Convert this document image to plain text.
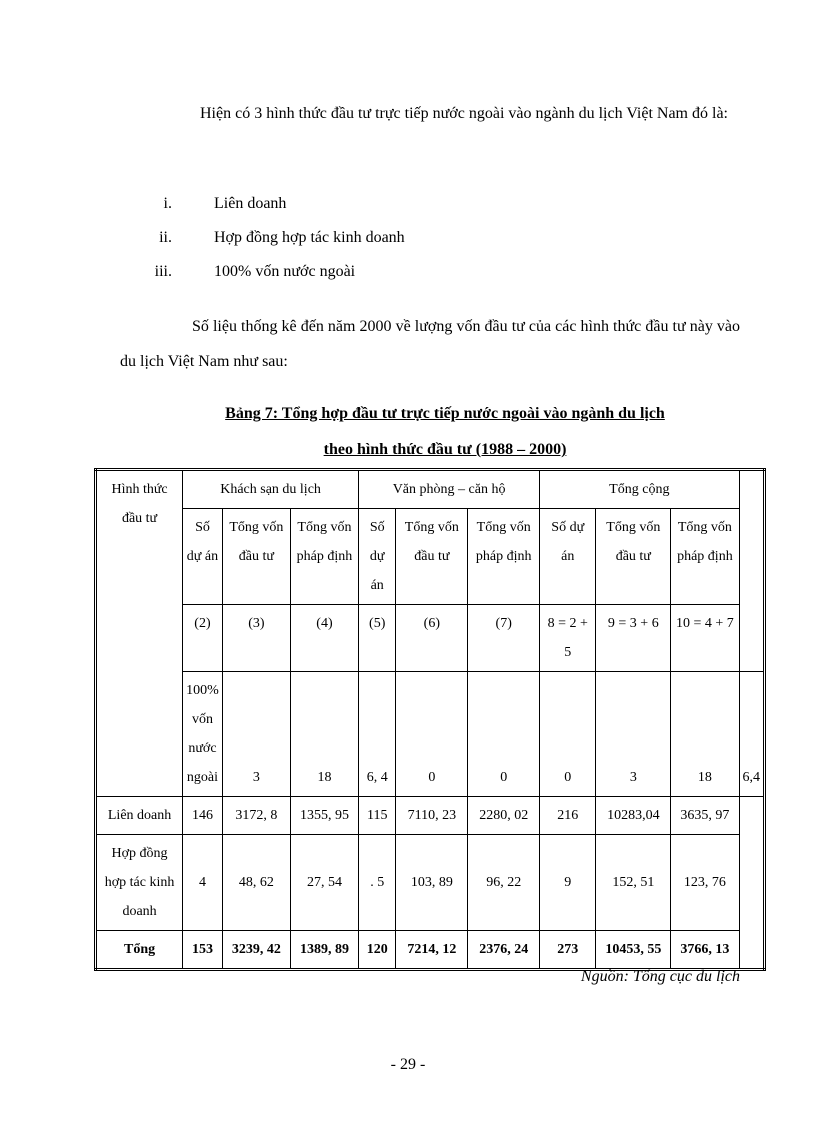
Hiện có 3 hình thức đầu tư trực tiếp nước ngoài vào ngành du lịch Việt Nam đó là:
i.	Liên doanh
ii.	Hợp đồng hợp tác kinh doanh
iii.	100% vốn nước ngoài
Số liệu thống kê đến năm 2000 về lượng vốn đầu tư của các hình thức đầu tư này vào du lịch Việt Nam như sau:
Bảng 7: Tổng hợp đầu tư trực tiếp nước ngoài vào ngành du lịch
theo hình thức đầu tư (1988 – 2000)
Hình thức đầu tư	Khách sạn du lịch			Văn phòng – căn hộ			Tổng cộng			
	Số dự án	Tổng vốn đầu tư	Tổng vốn pháp định	Số dự án	Tổng vốn đầu tư	Tổng vốn pháp định	Số dự án	Tổng vốn đầu tư	Tổng vốn pháp định	
	(2)	(3)	(4)	(5)	(6)	(7)	8 = 2 + 5	9 = 3 + 6	10 = 4 + 7	
	100% vốn nước ngoài	3	18	6, 4	0	0	0	3	18	6,4
Liên doanh	146	3172, 8	1355, 95	115	7110, 23	2280, 02	216	10283,04	3635, 97	
Hợp đồng hợp tác kinh doanh	4	48, 62	27, 54	. 5	103, 89	96, 22	9	152, 51	123, 76	
Tổng	153	3239, 42	1389, 89	120	7214, 12	2376, 24	273	10453, 55	3766, 13	
Nguồn: Tổng cục du lịch
- 29 -
